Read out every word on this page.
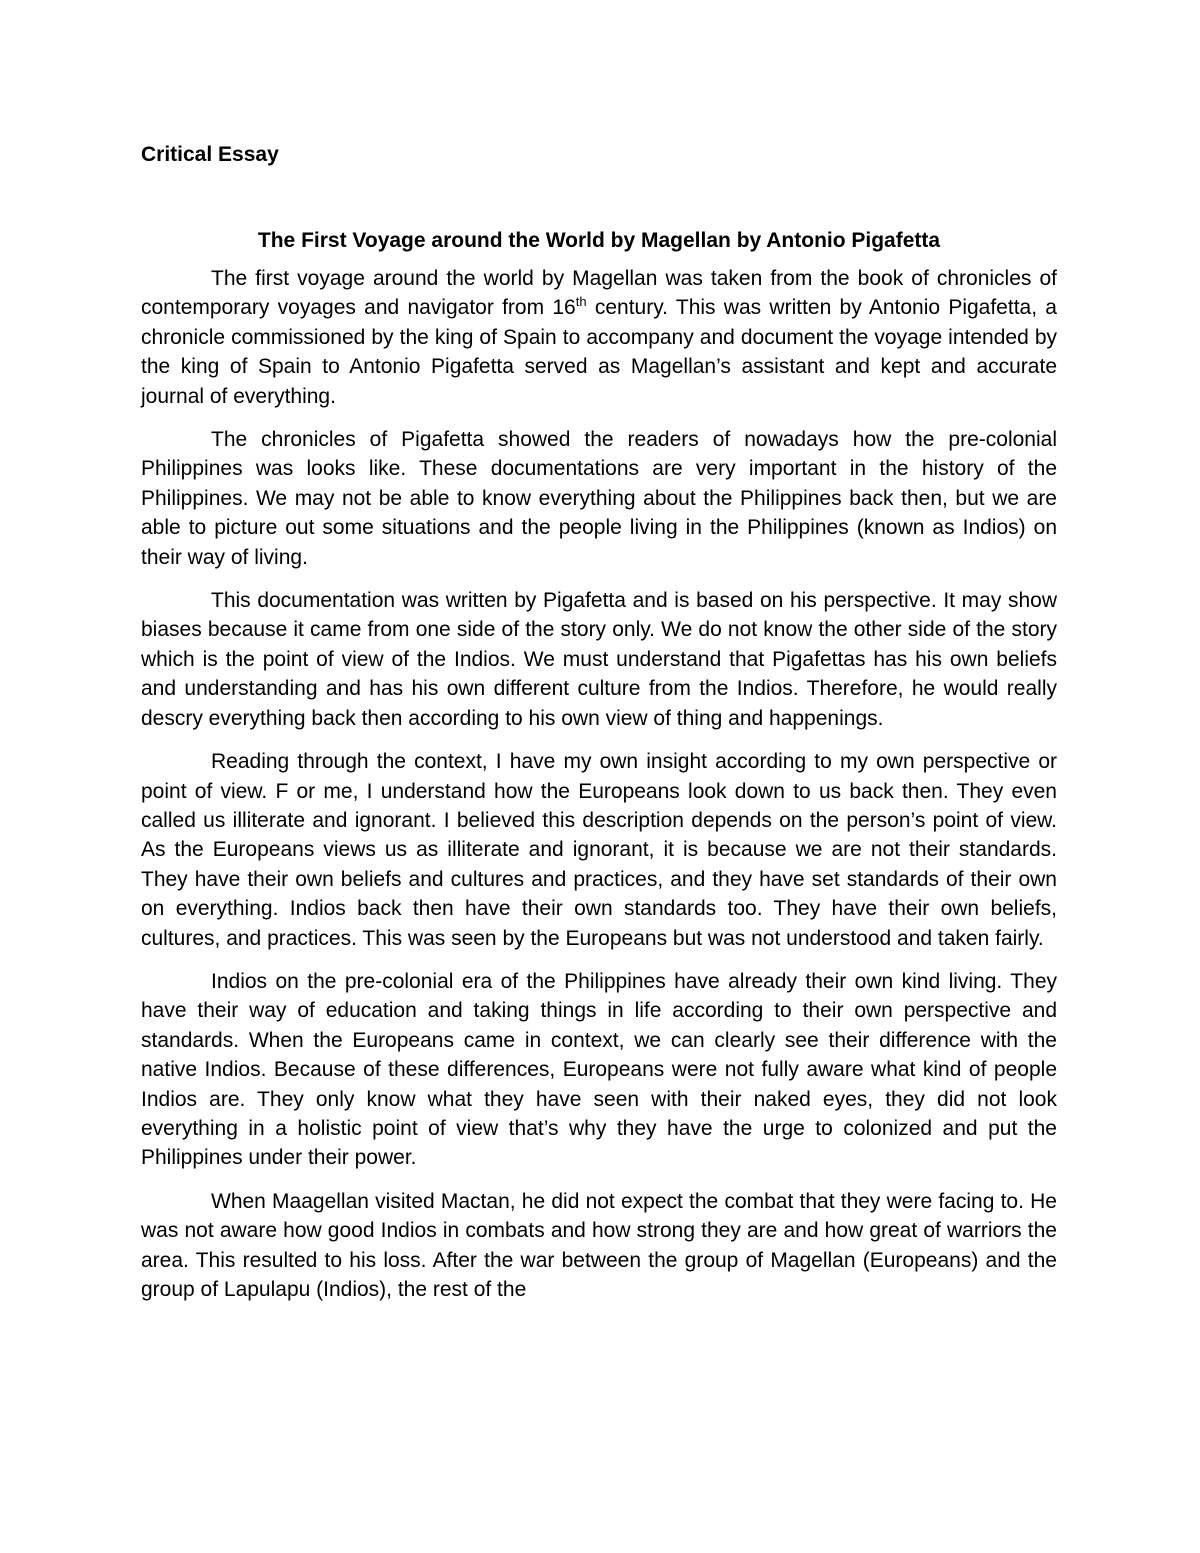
Critical Essay

The First Voyage around the World by Magellan by Antonio Pigafetta

The first voyage around the world by Magellan was taken from the book of chronicles of contemporary voyages and navigator from 16th century. This was written by Antonio Pigafetta, a chronicle commissioned by the king of Spain to accompany and document the voyage intended by the king of Spain to Antonio Pigafetta served as Magellan’s assistant and kept and accurate journal of everything.

The chronicles of Pigafetta showed the readers of nowadays how the pre-colonial Philippines was looks like. These documentations are very important in the history of the Philippines. We may not be able to know everything about the Philippines back then, but we are able to picture out some situations and the people living in the Philippines (known as Indios) on their way of living.

This documentation was written by Pigafetta and is based on his perspective. It may show biases because it came from one side of the story only. We do not know the other side of the story which is the point of view of the Indios. We must understand that Pigafettas has his own beliefs and understanding and has his own different culture from the Indios. Therefore, he would really descry everything back then according to his own view of thing and happenings.

Reading through the context, I have my own insight according to my own perspective or point of view. F or me, I understand how the Europeans look down to us back then. They even called us illiterate and ignorant. I believed this description depends on the person’s point of view. As the Europeans views us as illiterate and ignorant, it is because we are not their standards. They have their own beliefs and cultures and practices, and they have set standards of their own on everything. Indios back then have their own standards too. They have their own beliefs, cultures, and practices. This was seen by the Europeans but was not understood and taken fairly.

Indios on the pre-colonial era of the Philippines have already their own kind living. They have their way of education and taking things in life according to their own perspective and standards. When the Europeans came in context, we can clearly see their difference with the native Indios. Because of these differences, Europeans were not fully aware what kind of people Indios are. They only know what they have seen with their naked eyes, they did not look everything in a holistic point of view that’s why they have the urge to colonized and put the Philippines under their power.

When Maagellan visited Mactan, he did not expect the combat that they were facing to. He was not aware how good Indios in combats and how strong they are and how great of warriors the area. This resulted to his loss. After the war between the group of Magellan (Europeans) and the group of Lapulapu (Indios), the rest of the
